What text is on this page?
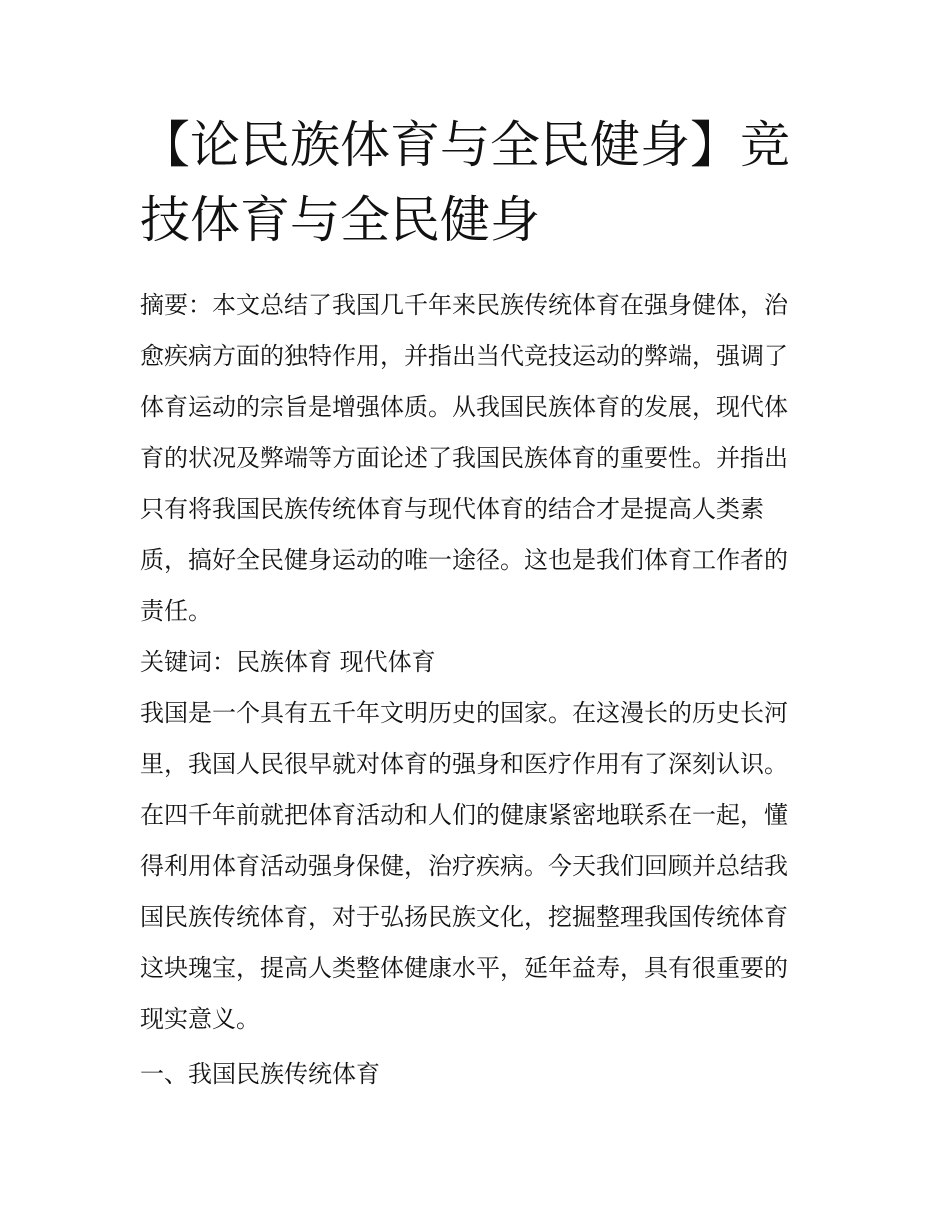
【论民族体育与全民健身】竞
技体育与全民健身
摘要：本文总结了我国几千年来民族传统体育在强身健体，治
愈疾病方面的独特作用，并指出当代竞技运动的弊端，强调了
体育运动的宗旨是增强体质。从我国民族体育的发展，现代体
育的状况及弊端等方面论述了我国民族体育的重要性。并指出
只有将我国民族传统体育与现代体育的结合才是提高人类素
质，搞好全民健身运动的唯一途径。这也是我们体育工作者的
责任。
关键词：民族体育 现代体育
我国是一个具有五千年文明历史的国家。在这漫长的历史长河
里，我国人民很早就对体育的强身和医疗作用有了深刻认识。
在四千年前就把体育活动和人们的健康紧密地联系在一起，懂
得利用体育活动强身保健，治疗疾病。今天我们回顾并总结我
国民族传统体育，对于弘扬民族文化，挖掘整理我国传统体育
这块瑰宝，提高人类整体健康水平，延年益寿，具有很重要的
现实意义。
一、我国民族传统体育
